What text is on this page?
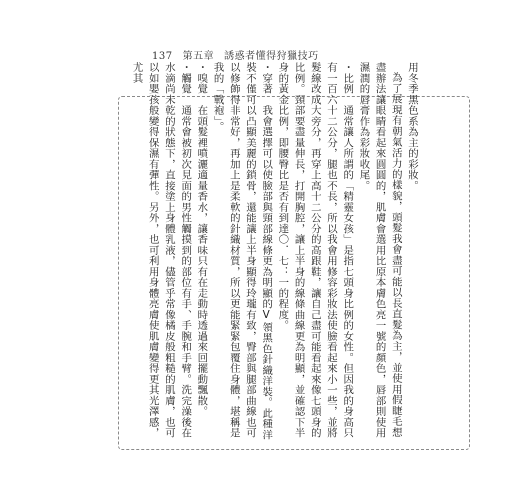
137 第五章 誘惑者懂得狩獵技巧

用冬季黑色系為主的彩妝。

為了展現有朝氣活力的樣貌，頭髮我會盡可能以長直髮為主，並使用假睫毛想盡辦法讓眼睛看起來圓圓的，肌膚會選用比原本膚色亮一號的顏色，唇部則使用濕潤的唇膏作為彩妝收尾。

・比例　通常讓人所謂的「精靈女孩」是指七頭身比例的女性。但因我的身高只有一百六十二公分，腿也不長，所以我會用修容彩妝法使臉看起來小一些，並將髮線改成大旁分，再穿上高十二公分的高跟鞋，讓自己盡可能看起來像七頭身的比例。頸部要盡量伸長，打開胸腔，讓上半身的線條曲線更為明顯，並確認下半身的黃金比例，即腰臀比是否有到達〇．七：一的程度。

・穿著　我會選擇可以使臉部與頸部線條更為明顯的V領黑色針織洋裝。此種洋裝不僅可以凸顯美麗的鎖骨，還能讓上半身顯得玲瓏有致，臀部與腿部曲線也可以修飾得非常好，再加上是柔軟的針織材質，所以更能緊緊包覆住身體，堪稱是我的「戰袍」。

・嗅覺　在頭髮裡噴灑適量香水，讓香味只有在走動時透過來回擺動飄散。

・觸覺　通常會被初次見面的男性觸摸到的部位有手、手腕和手臂。洗完澡後在水滴尚未乾的狀態下，直接塗上身體乳液，儘管乎常像橘皮般粗糙的肌膚，也可以如嬰孩般變得保濕有彈性。另外，也可利用身體亮膚使肌膚變得更其光澤感，尤其
